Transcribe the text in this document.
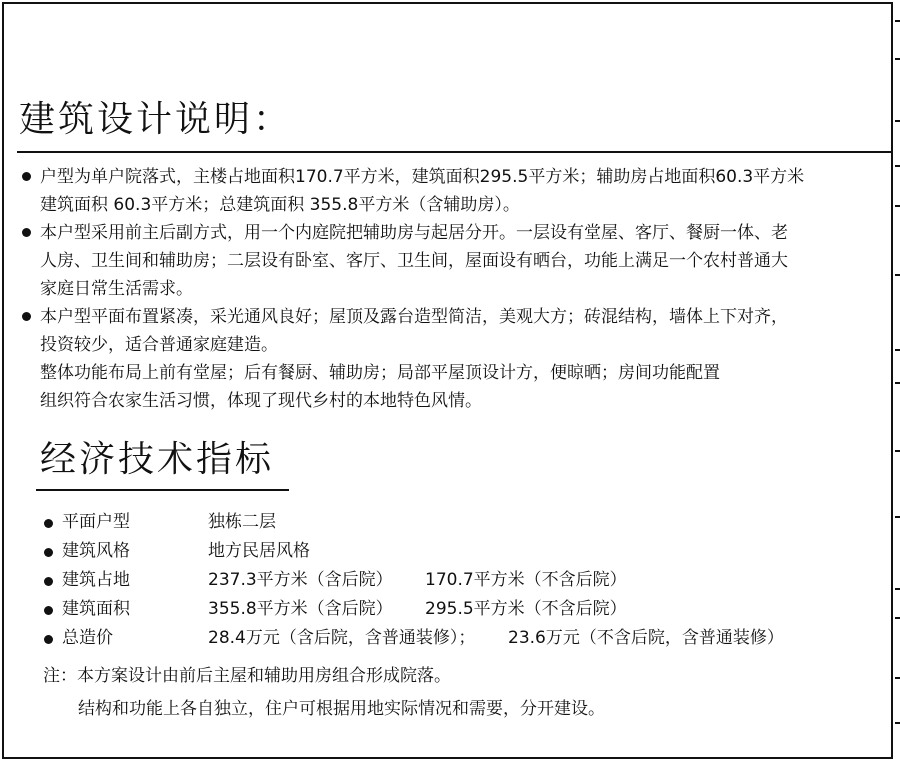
建筑设计说明：
户型为单户院落式，主楼占地面积170.7平方米，建筑面积295.5平方米；辅助房占地面积60.3平方米
建筑面积 60.3平方米；总建筑面积 355.8平方米（含辅助房）。
本户型采用前主后副方式，用一个内庭院把辅助房与起居分开。一层设有堂屋、客厅、餐厨一体、老
人房、卫生间和辅助房；二层设有卧室、客厅、卫生间，屋面设有晒台，功能上满足一个农村普通大
家庭日常生活需求。
本户型平面布置紧凑，采光通风良好；屋顶及露台造型简洁，美观大方；砖混结构，墙体上下对齐，
投资较少，适合普通家庭建造。
整体功能布局上前有堂屋；后有餐厨、辅助房；局部平屋顶设计方，便晾晒；房间功能配置
组织符合农家生活习惯，体现了现代乡村的本地特色风情。
经济技术指标
平面户型	独栋二层
建筑风格	地方民居风格
建筑占地	237.3平方米（含后院） 170.7平方米（不含后院）
建筑面积	355.8平方米（含后院） 295.5平方米（不含后院）
总造价	28.4万元（含后院，含普通装修）； 23.6万元（不含后院，含普通装修）
注：本方案设计由前后主屋和辅助用房组合形成院落。
结构和功能上各自独立，住户可根据用地实际情况和需要，分开建设。
